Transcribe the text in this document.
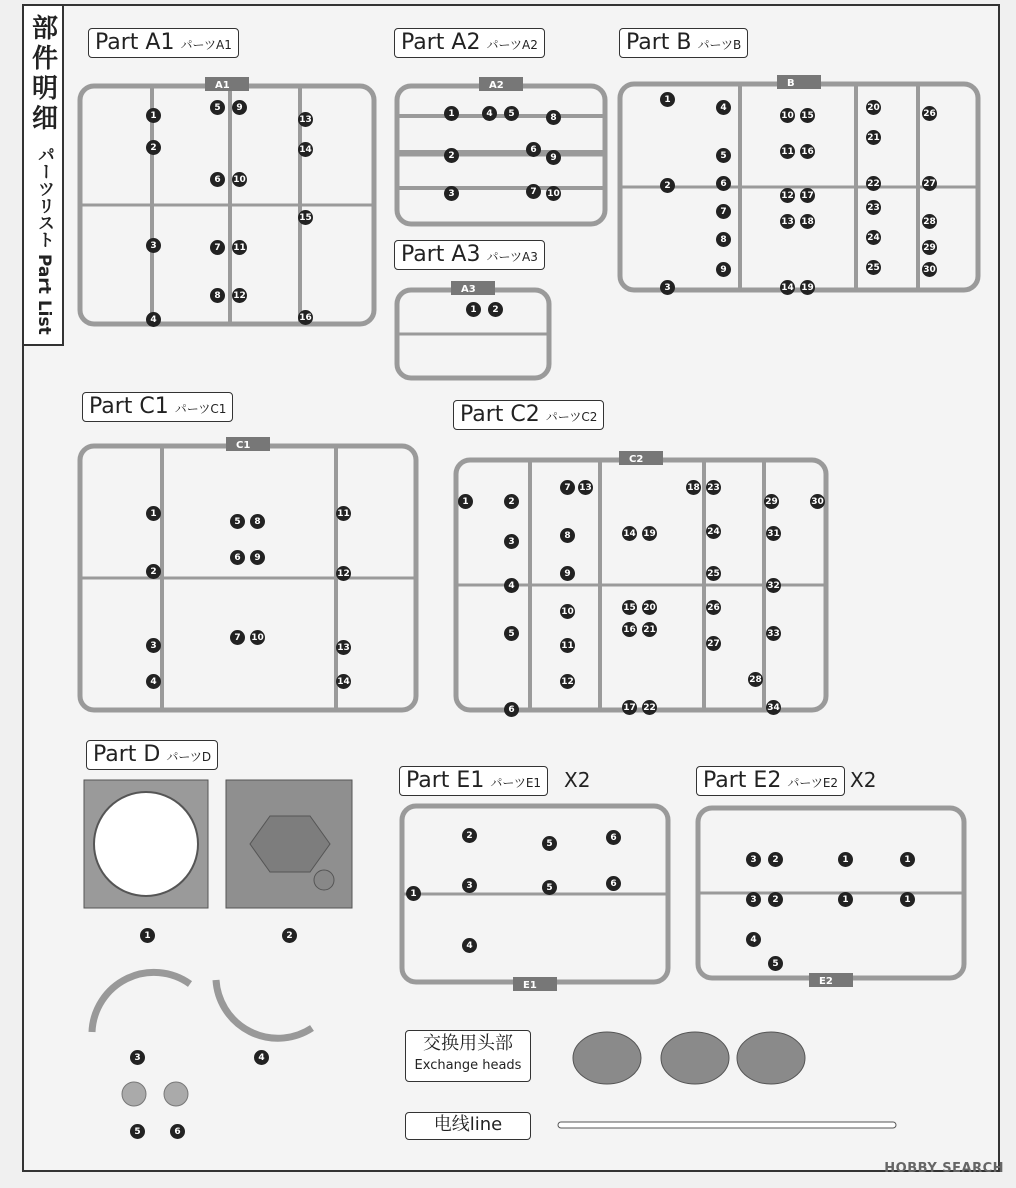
部件明细
パーツリスト Part List
Part A1 パーツA1	Part A2 パーツA2	Part B パーツB
Part A3 パーツA3
Part C1 パーツC1	Part C2 パーツC2
Part D パーツD
Part E1 パーツE1 X2	Part E2 パーツE2 X2
A1	A2
A3
B
C1
C2
E1	E2
交换用头部
Exchange heads
电线line
HOBBY SEARCH
1
2
3
4
5	9
6	10
7	11
8	12
13
14
15
16
1
2
3
4	5
6
7
8
9
10
1	2
1
2
3
4
5
6
7
8
9
10
11
12
13
14
15
16
17
18
19
20
21
22
23
24
25
26
27
28
29
30
1
2
3
4
5	8
6	9
7	10
11
12
13
14
1	2
3
4
5
6
7
8
9
10
11
12
13
14
15
16
17
18
19
20
21
22
23
24
25
26
27
28
29	30
31
32
33
34
1	2
3	4
5	6
1
2
3
4
5
5
6
6
3	2
3	2
4
5
1
1
1
1
